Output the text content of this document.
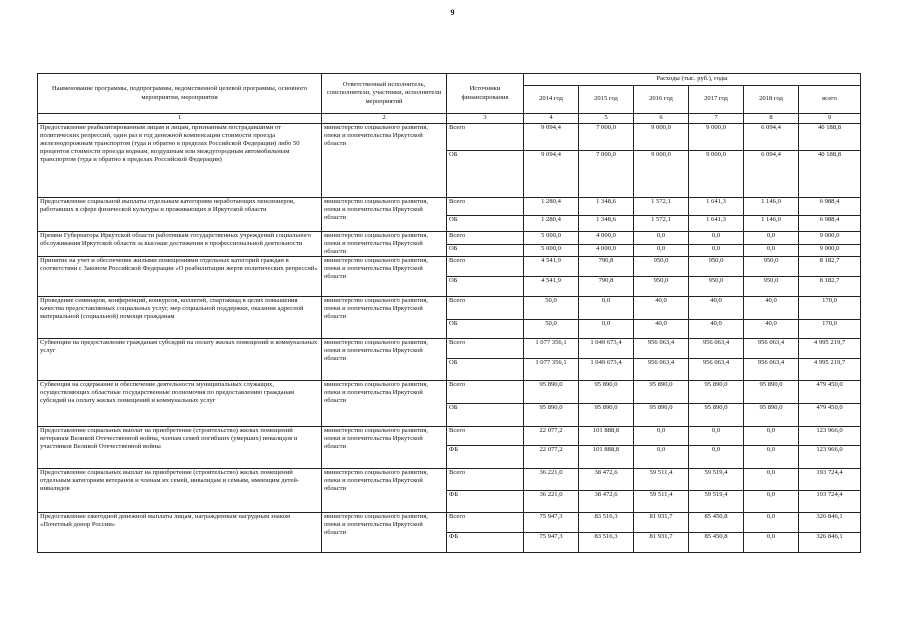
9
Наименование программы, подпрограммы, ведомственной целевой программы, основного мероприятия, мероприятия	Ответственный исполнитель, соисполнители, участники, исполнители мероприятий	Источники финансирования	Расходы (тыс. руб.), годы					
			2014 год	2015 год	2016 год	2017 год	2018 год	всего
1	2	3	4	5	6	7	8	9
Предоставление реабилитированным лицам и лицам, признанным пострадавшими от политических репрессий, один раз в год денежной компенсации стоимости проезда железнодорожным транспортом (туда и обратно в пределах Российской Федерации) либо 50 процентов стоимости проезда водным, воздушным или междугородным автомобильным транспортом (туда и обратно в пределах Российской Федерации)	министерство социального развития, опеки и попечительства Иркутской области	Всего	9 094,4	7 000,0	9 000,0	9 000,0	6 094,4	40 188,8
		ОБ	9 094,4	7 000,0	9 000,0	9 000,0	6 094,4	40 188,8
Предоставление социальной выплаты отдельным категориям неработающих пенсионеров, работавших в сфере физической культуры и проживающих в Иркутской области	министерство социального развития, опеки и попечительства Иркутской области	Всего	1 280,4	1 348,6	1 572,1	1 641,3	1 146,0	6 988,4
		ОБ	1 280,4	1 348,6	1 572,1	1 641,3	1 146,0	6 988,4
Премии Губернатора Иркутской области работникам государственных учреждений социального обслуживания Иркутской области за высокие достижения в профессиональной деятельности	министерство социального развития, опеки и попечительства Иркутской области	Всего	5 000,0	4 000,0	0,0	0,0	0,0	9 000,0
		ОБ	5 000,0	4 000,0	0,0	0,0	0,0	9 000,0
Принятие на учет и обеспечение жилыми помещениями отдельных категорий граждан в соответствии с Законом Российской Федерации «О реабилитации жертв политических репрессий»	министерство социального развития, опеки и попечительства Иркутской области	Всего	4 541,9	790,8	950,0	950,0	950,0	8 182,7
		ОБ	4 541,9	790,8	950,0	950,0	950,0	8 182,7
Проведение семинаров, конференций, конкурсов, коллегий, спартакиад в целях повышения качества предоставляемых социальных услуг, мер социальной поддержки, оказания адресной материальной (социальной) помощи гражданам	министерство социального развития, опеки и попечительства Иркутской области	Всего	50,0	0,0	40,0	40,0	40,0	170,0
		ОБ	50,0	0,0	40,0	40,0	40,0	170,0
Субвенции на предоставление гражданам субсидий на оплату жилых помещений и коммунальных услуг	министерство социального развития, опеки и попечительства Иркутской области	Всего	1 077 356,1	1 049 673,4	956 063,4	956 063,4	956 063,4	4 995 219,7
		ОБ	1 077 356,1	1 049 673,4	956 063,4	956 063,4	956 063,4	4 995 219,7
Субвенция на содержание и обеспечение деятельности муниципальных служащих, осуществляющих областные государственные полномочия по предоставлению гражданам субсидий на оплату жилых помещений и коммунальных услуг	министерство социального развития, опеки и попечительства Иркутской области	Всего	95 890,0	95 890,0	95 890,0	95 890,0	95 890,0	479 450,0
		ОБ	95 890,0	95 890,0	95 890,0	95 890,0	95 890,0	479 450,0
Предоставление социальных выплат на приобретение (строительство) жилых помещений ветеранам Великой Отечественной войны, членам семей погибших (умерших) инвалидов и участников Великой Отечественной войны	министерство социального развития, опеки и попечительства Иркутской области	Всего	22 077,2	101 888,8	0,0	0,0	0,0	123 966,0
		ФБ	22 077,2	101 888,8	0,0	0,0	0,0	123 966,0
Предоставление социальных выплат на приобретение (строительство) жилых помещений отдельным категориям ветеранов и членам их семей, инвалидам и семьям, имеющим детей-инвалидов	министерство социального развития, опеки и попечительства Иркутской области	Всего	36 221,0	38 472,6	59 511,4	59 519,4	0,0	193 724,4
		ФБ	36 221,0	38 472,6	59 511,4	59 519,4	0,0	193 724,4
Предоставление ежегодной денежной выплаты лицам, награжденным нагрудным знаком «Почетный донор России»	министерство социального развития, опеки и попечительства Иркутской области	Всего	75 947,3	83 516,3	81 931,7	85 450,8	0,0	326 846,1
		ФБ	75 947,3	83 516,3	81 931,7	85 450,8	0,0	326 846,1
